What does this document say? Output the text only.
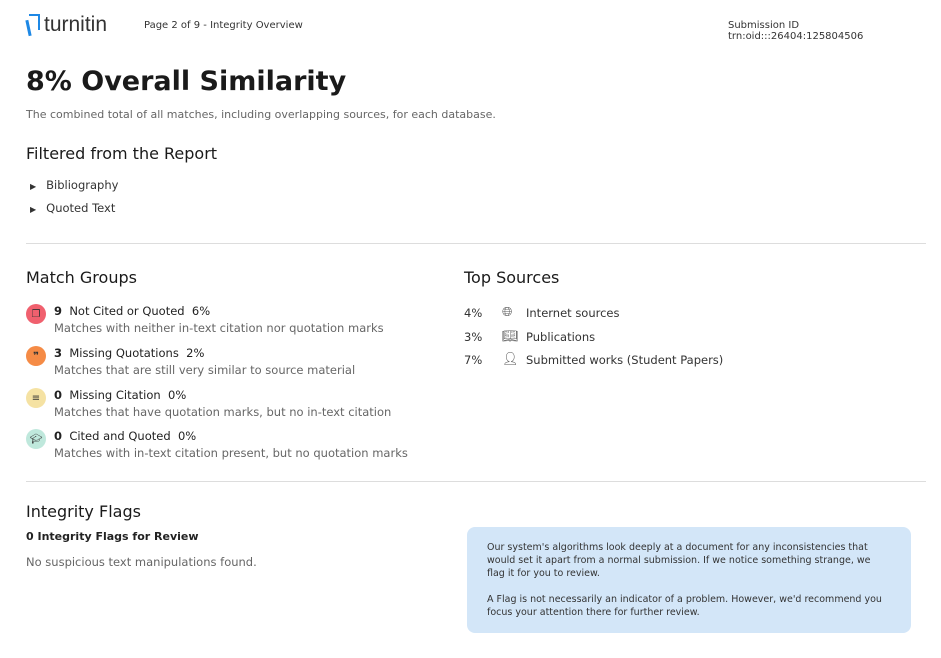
turnitin	Page 2 of 9 - Integrity Overview	Submission ID   trn:oid:::26404:125804506
8% Overall Similarity
The combined total of all matches, including overlapping sources, for each database.
Filtered from the Report
▶ Bibliography
▶ Quoted Text
Match Groups
❐	9 Not Cited or Quoted 6%
Matches with neither in-text citation nor quotation marks
❞	3 Missing Quotations 2%
Matches that are still very similar to source material
≡	0 Missing Citation 0%
Matches that have quotation marks, but no in-text citation
🎓︎	0 Cited and Quoted 0%
Matches with in-text citation present, but no quotation marks
Top Sources
4%	🌐︎	Internet sources
3%	📖︎ Publications
7%	👤︎ Submitted works (Student Papers)
Integrity Flags
0 Integrity Flags for Review
No suspicious text manipulations found.

Our system's algorithms look deeply at a document for any inconsistencies that would set it apart from a normal submission. If we notice something strange, we flag it for you to review.

A Flag is not necessarily an indicator of a problem. However, we'd recommend you focus your attention there for further review.
